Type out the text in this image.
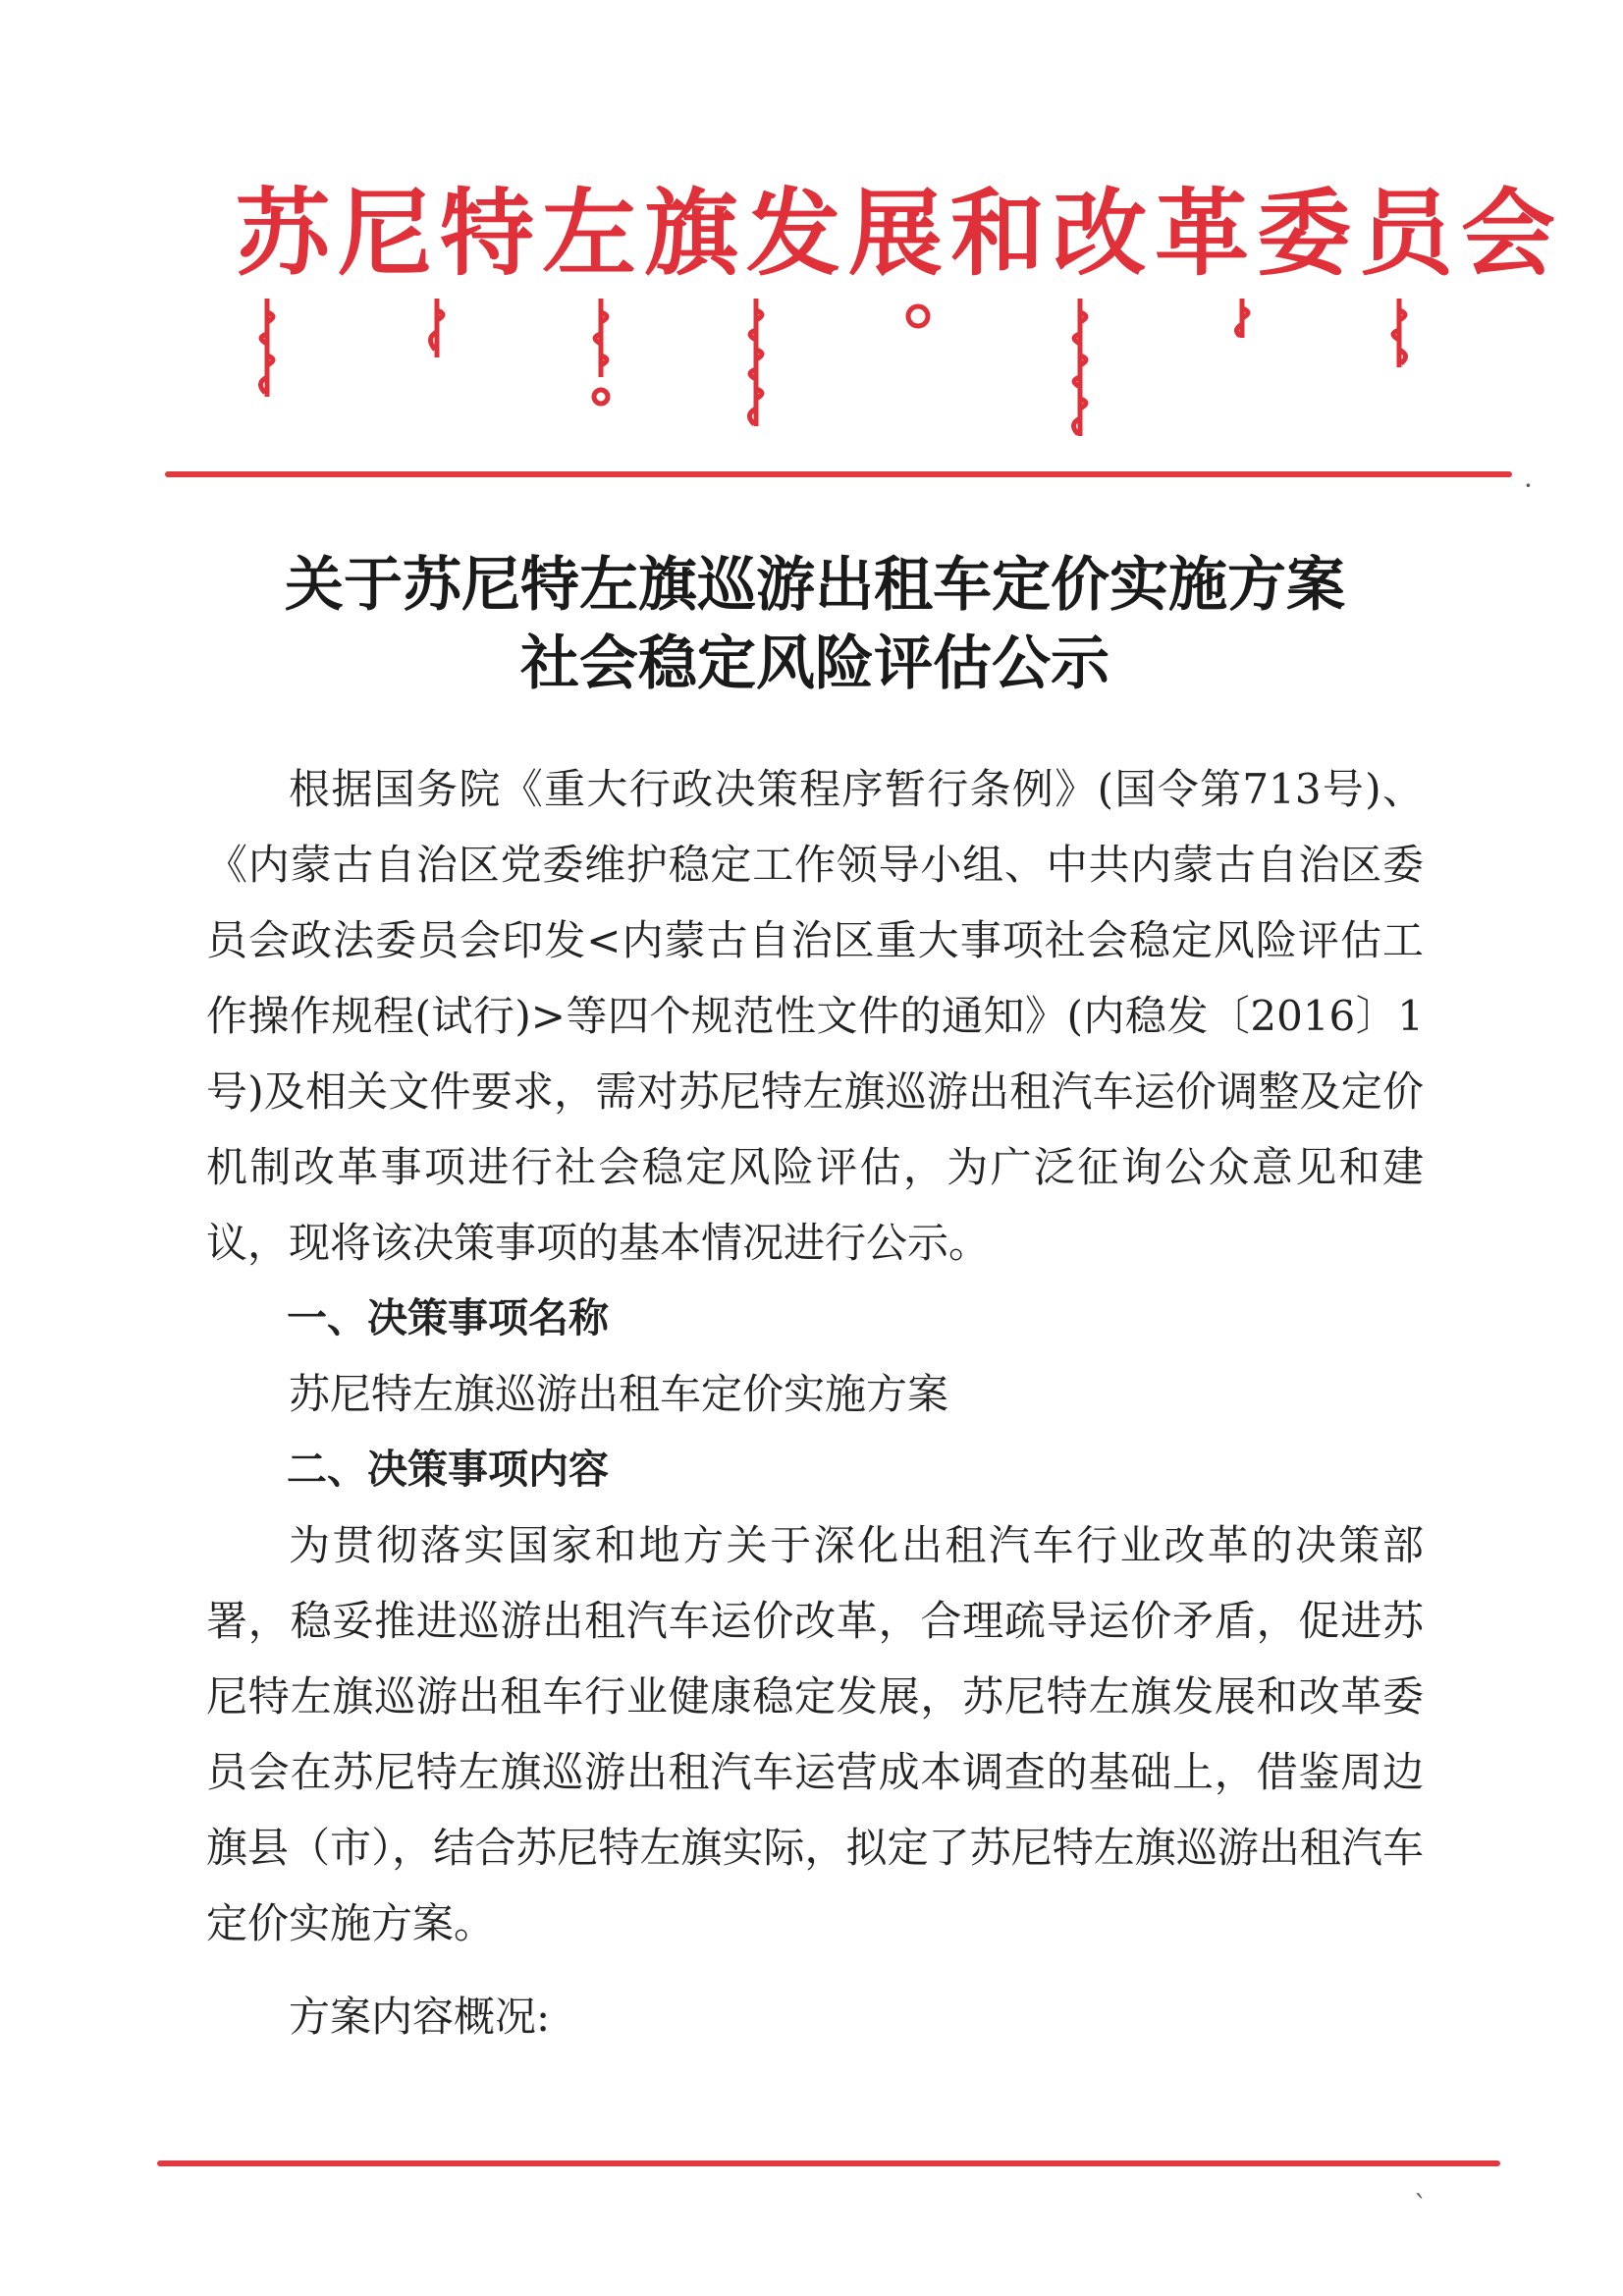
苏尼特左旗发展和改革委员会
·
关于苏尼特左旗巡游出租车定价实施方案
社会稳定风险评估公示

根据国务院《重大行政决策程序暂行条例》(国令第713号)、《内蒙古自治区党委维护稳定工作领导小组、中共内蒙古自治区委员会政法委员会印发<内蒙古自治区重大事项社会稳定风险评估工作操作规程(试行)>等四个规范性文件的通知》(内稳发〔2016〕1号)及相关文件要求，需对苏尼特左旗巡游出租汽车运价调整及定价机制改革事项进行社会稳定风险评估，为广泛征询公众意见和建议，现将该决策事项的基本情况进行公示。

一、决策事项名称

苏尼特左旗巡游出租车定价实施方案

二、决策事项内容

为贯彻落实国家和地方关于深化出租汽车行业改革的决策部署，稳妥推进巡游出租汽车运价改革，合理疏导运价矛盾，促进苏尼特左旗巡游出租车行业健康稳定发展，苏尼特左旗发展和改革委员会在苏尼特左旗巡游出租汽车运营成本调查的基础上，借鉴周边旗县（市），结合苏尼特左旗实际，拟定了苏尼特左旗巡游出租汽车定价实施方案。

方案内容概况:

ˋ
